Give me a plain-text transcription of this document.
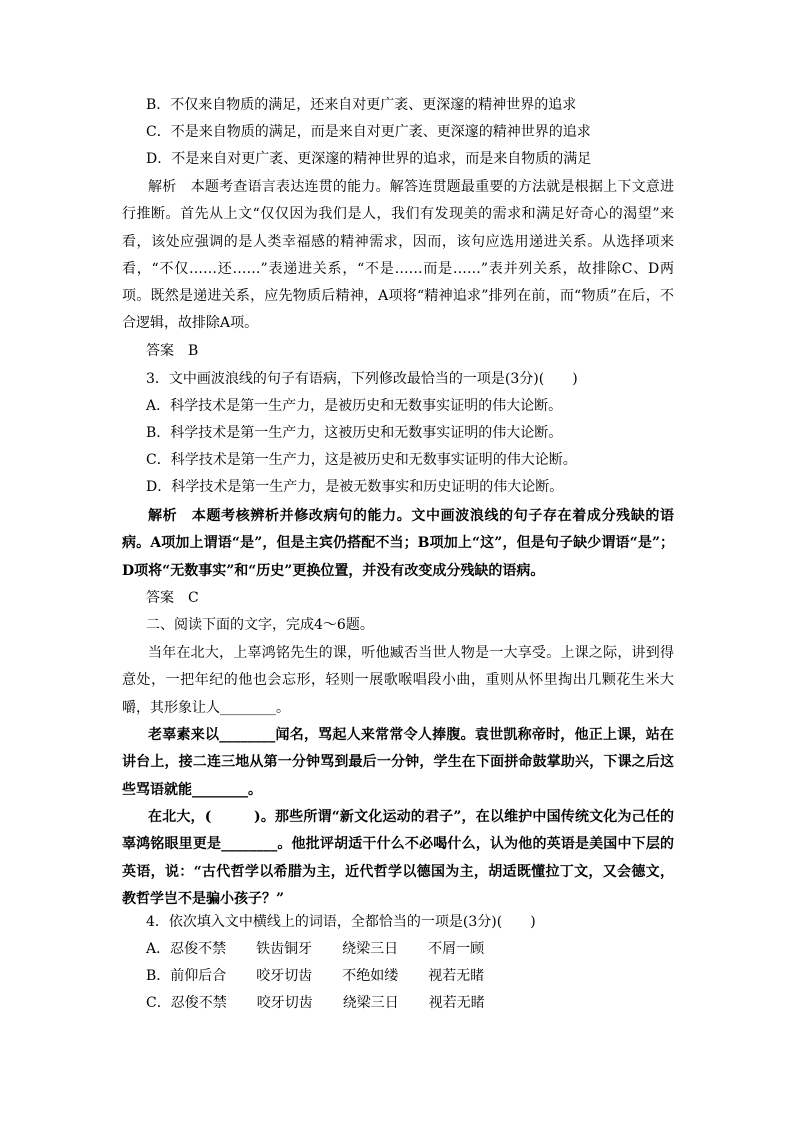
B．不仅来自物质的满足，还来自对更广袤、更深邃的精神世界的追求

C．不是来自物质的满足，而是来自对更广袤、更深邃的精神世界的追求

D．不是来自对更广袤、更深邃的精神世界的追求，而是来自物质的满足

解析　 本题考查语言表达连贯的能力。解答连贯题最重要的方法就是根据上下文意进行推断。首先从上文“仅仅因为我们是人，我们有发现美的需求和满足好奇心的渴望”来看，该处应强调的是人类幸福感的精神需求，因而，该句应选用递进关系。从选择项来看，“不仅……还……”表递进关系，“不是……而是……”表并列关系，故排除C、D两项。既然是递进关系，应先物质后精神，A项将“精神追求”排列在前，而“物质”在后，不合逻辑，故排除A项。

答案　 B

3．文中画波浪线的句子有语病，下列修改最恰当的一项是(3分)(　　)

A．科学技术是第一生产力，是被历史和无数事实证明的伟大论断。

B．科学技术是第一生产力，这被历史和无数事实证明的伟大论断。

C．科学技术是第一生产力，这是被历史和无数事实证明的伟大论断。

D．科学技术是第一生产力，是被无数事实和历史证明的伟大论断。

解析　 本题考核辨析并修改病句的能力。文中画波浪线的句子存在着成分残缺的语病。A项加上谓语“是”，但是主宾仍搭配不当；B项加上“这”，但是句子缺少谓语“是”；D项将“无数事实”和“历史”更换位置，并没有改变成分残缺的语病。

答案　 C

二、阅读下面的文字，完成4～6题。

当年在北大，上辜鸿铭先生的课，听他臧否当世人物是一大享受。上课之际，讲到得意处，一把年纪的他也会忘形，轻则一展歌喉唱段小曲，重则从怀里掏出几颗花生米大嚼，其形象让人________。

老辜素来以________闻名，骂起人来常常令人捧腹。袁世凯称帝时，他正上课，站在讲台上，接二连三地从第一分钟骂到最后一分钟，学生在下面拼命鼓掌助兴，下课之后这些骂语就能________。

在北大，(　　　)。那些所谓“新文化运动的君子”，在以维护中国传统文化为己任的辜鸿铭眼里更是________。他批评胡适干什么不必喝什么，认为他的英语是美国中下层的英语，说：“古代哲学以希腊为主，近代哲学以德国为主，胡适既懂拉丁文，又会德文，教哲学岂不是骗小孩子？”

4．依次填入文中横线上的词语，全都恰当的一项是(3分)(　　)

A．忍俊不禁 铁齿铜牙 绕梁三日 不屑一顾

B．前仰后合 咬牙切齿 不绝如缕 视若无睹

C．忍俊不禁 咬牙切齿 绕梁三日 视若无睹
